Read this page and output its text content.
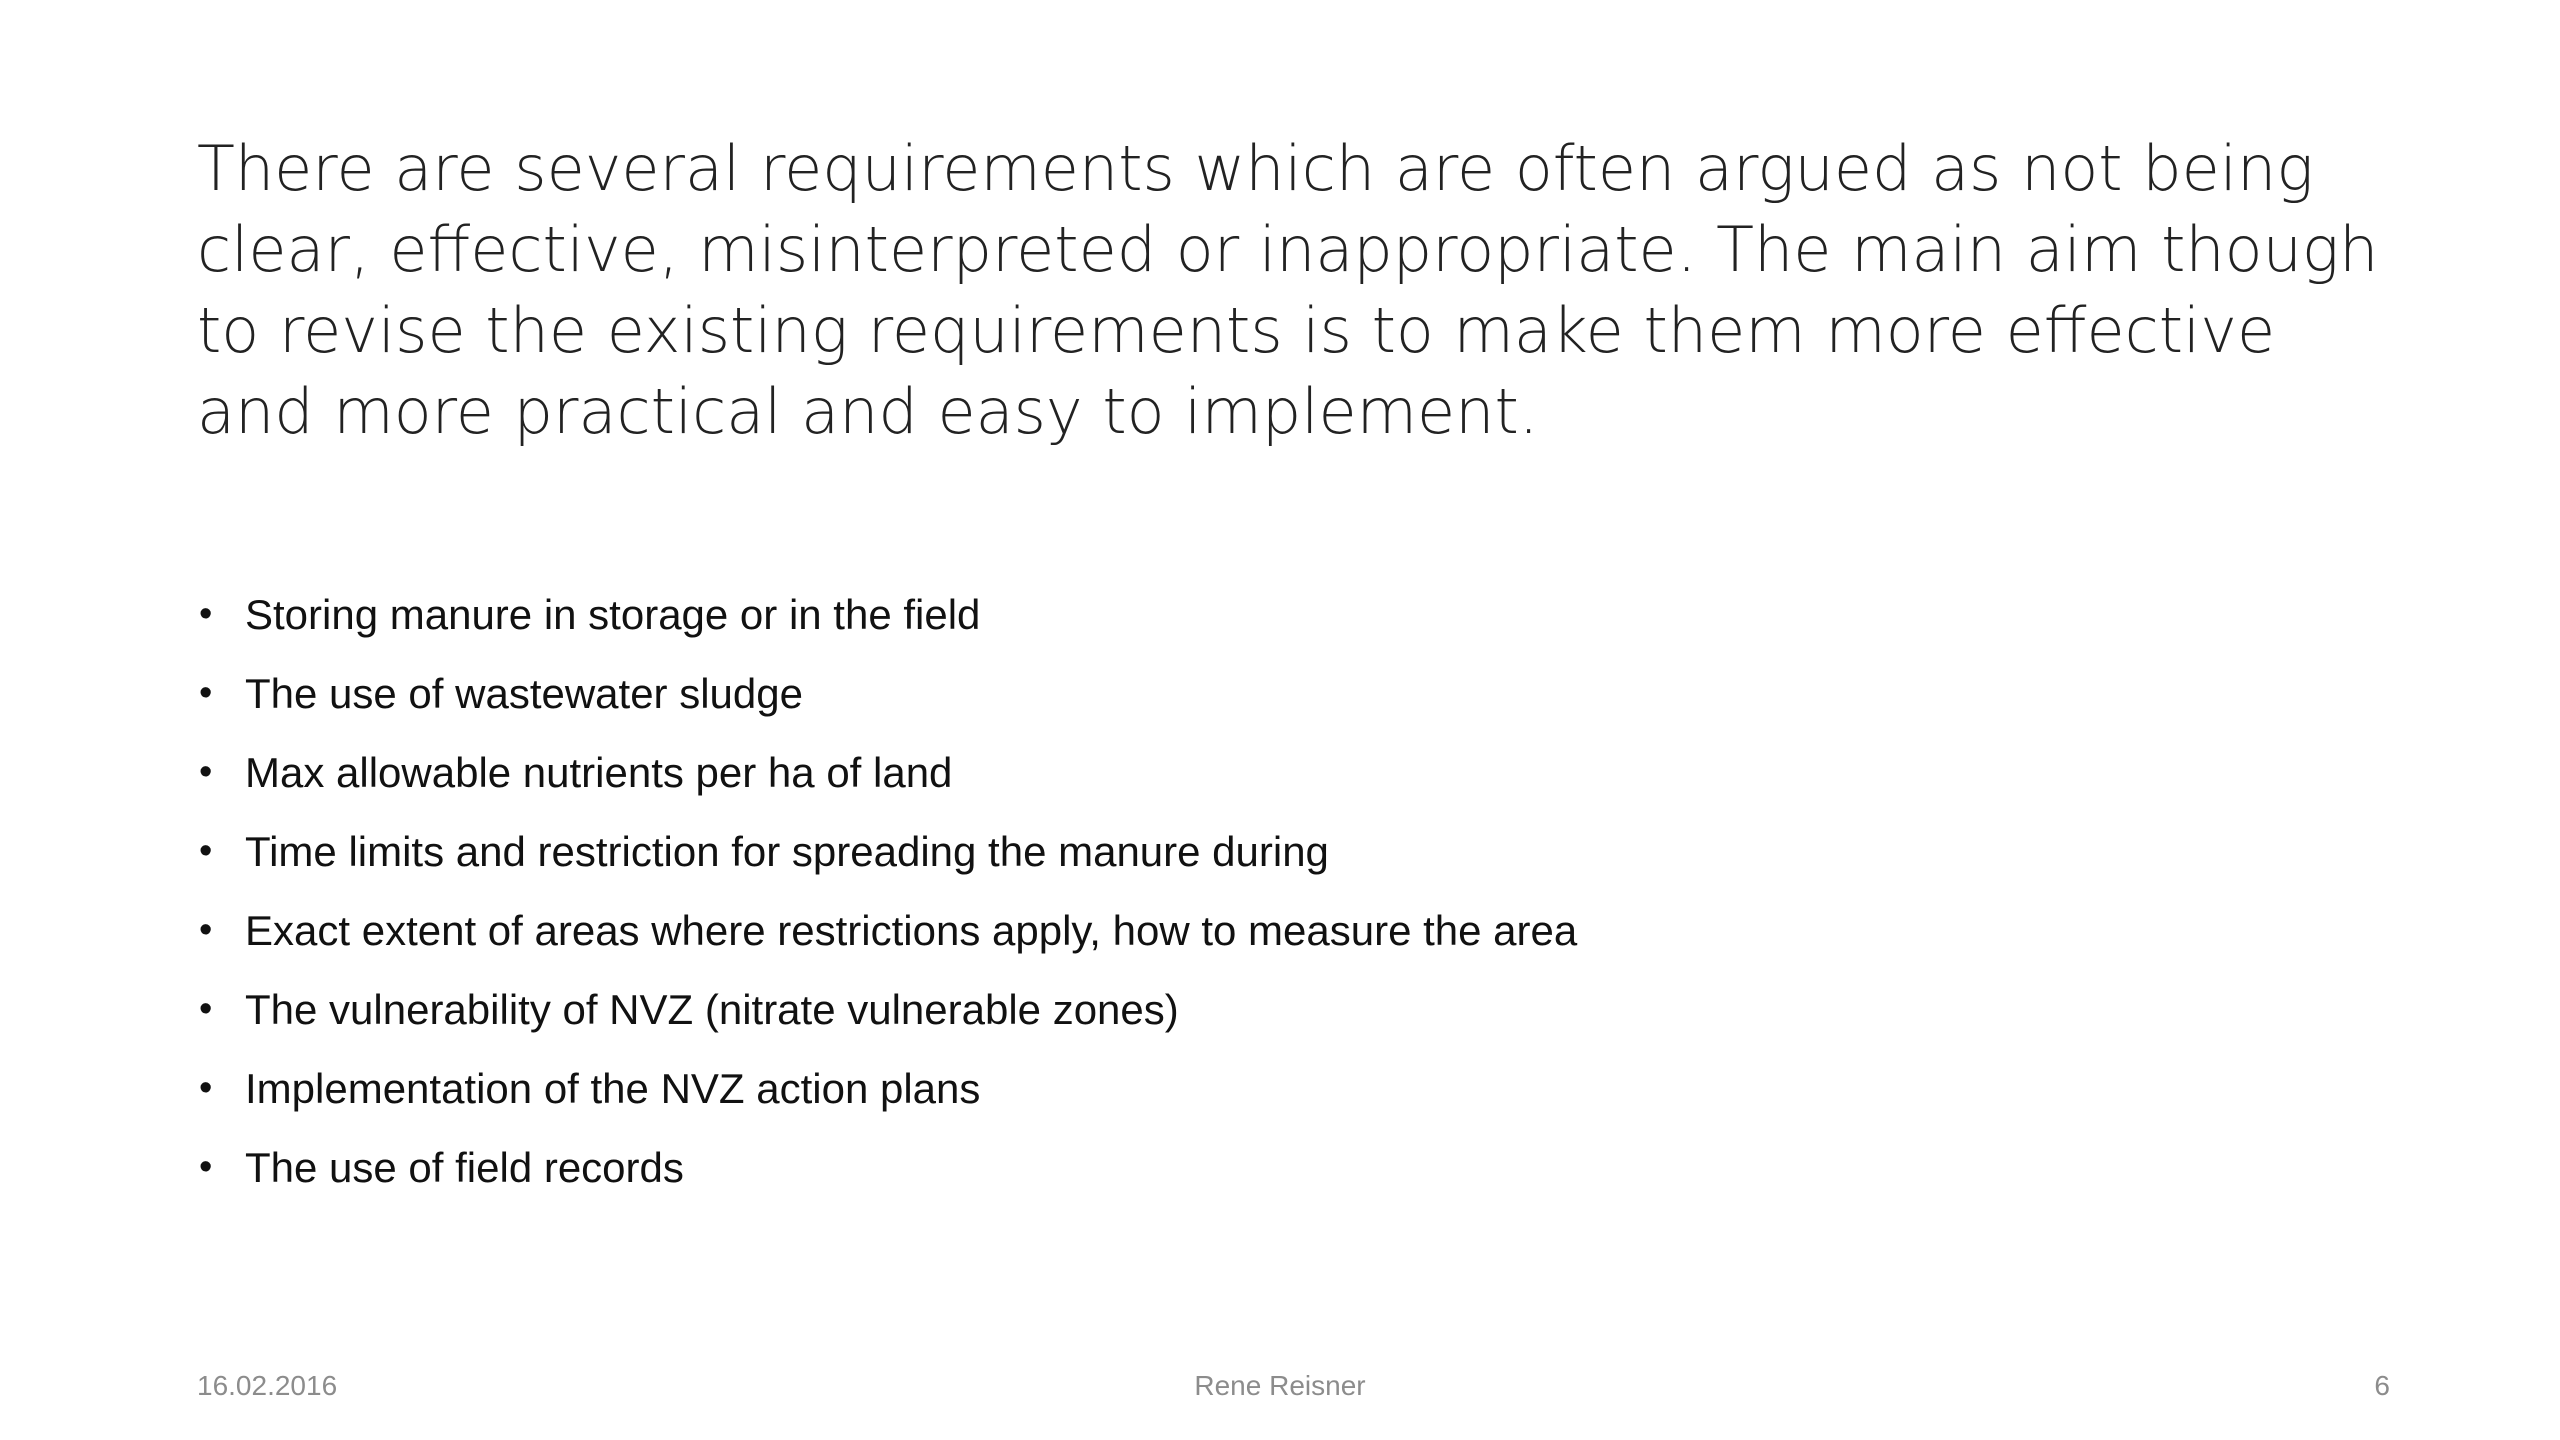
There are several requirements which are often argued as not being clear, effective, misinterpreted or inappropriate. The main aim though to revise the existing requirements is to make them more effective and more practical and easy to implement.

• Storing manure in storage or in the field
• The use of wastewater sludge
• Max allowable nutrients per ha of land
• Time limits and restriction for spreading the manure during
• Exact extent of areas where restrictions apply, how to measure the area
• The vulnerability of NVZ (nitrate vulnerable zones)
• Implementation of the NVZ action plans
• The use of field records
16.02.2016	Rene Reisner	6
